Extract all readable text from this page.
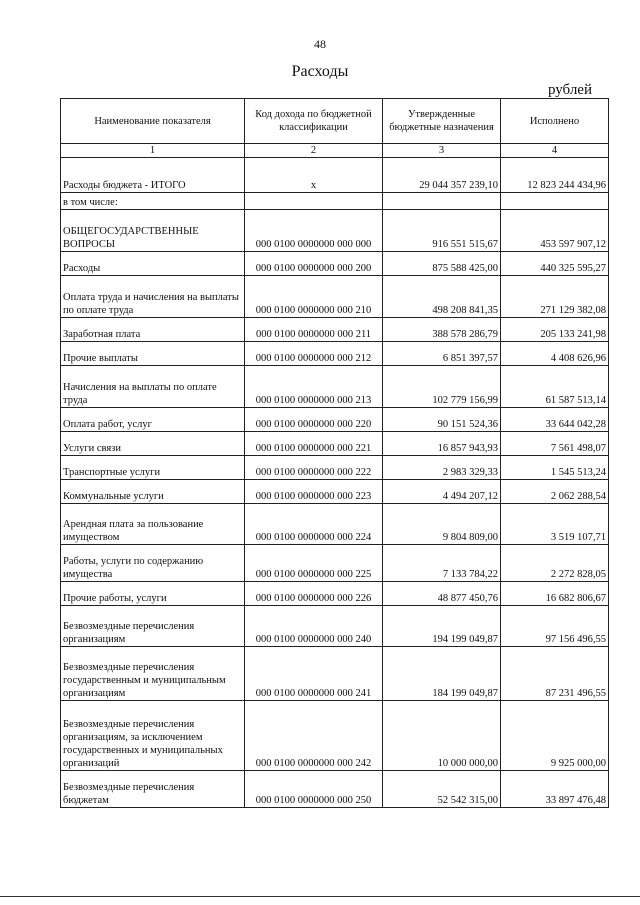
48
Расходы
рублей
Наименование показателя	Код дохода по бюджетной классификации	Утвержденные бюджетные назначения	Исполнено
1	2	3	4
Расходы бюджета - ИТОГО	х	29 044 357 239,10	12 823 244 434,96
в том числе:			
ОБЩЕГОСУДАРСТВЕННЫЕ ВОПРОСЫ	000 0100 0000000 000 000	916 551 515,67	453 597 907,12
Расходы	000 0100 0000000 000 200	875 588 425,00	440 325 595,27
Оплата труда и начисления на выплаты по оплате труда	000 0100 0000000 000 210	498 208 841,35	271 129 382,08
Заработная плата	000 0100 0000000 000 211	388 578 286,79	205 133 241,98
Прочие выплаты	000 0100 0000000 000 212	6 851 397,57	4 408 626,96
Начисления на выплаты по оплате труда	000 0100 0000000 000 213	102 779 156,99	61 587 513,14
Оплата работ, услуг	000 0100 0000000 000 220	90 151 524,36	33 644 042,28
Услуги связи	000 0100 0000000 000 221	16 857 943,93	7 561 498,07
Транспортные услуги	000 0100 0000000 000 222	2 983 329,33	1 545 513,24
Коммунальные услуги	000 0100 0000000 000 223	4 494 207,12	2 062 288,54
Арендная плата за пользование имуществом	000 0100 0000000 000 224	9 804 809,00	3 519 107,71
Работы, услуги по содержанию имущества	000 0100 0000000 000 225	7 133 784,22	2 272 828,05
Прочие работы, услуги	000 0100 0000000 000 226	48 877 450,76	16 682 806,67
Безвозмездные перечисления организациям	000 0100 0000000 000 240	194 199 049,87	97 156 496,55
Безвозмездные перечисления государственным и муниципальным организациям	000 0100 0000000 000 241	184 199 049,87	87 231 496,55
Безвозмездные перечисления организациям, за исключением государственных и муниципальных организаций	000 0100 0000000 000 242	10 000 000,00	9 925 000,00
Безвозмездные перечисления бюджетам	000 0100 0000000 000 250	52 542 315,00	33 897 476,48
